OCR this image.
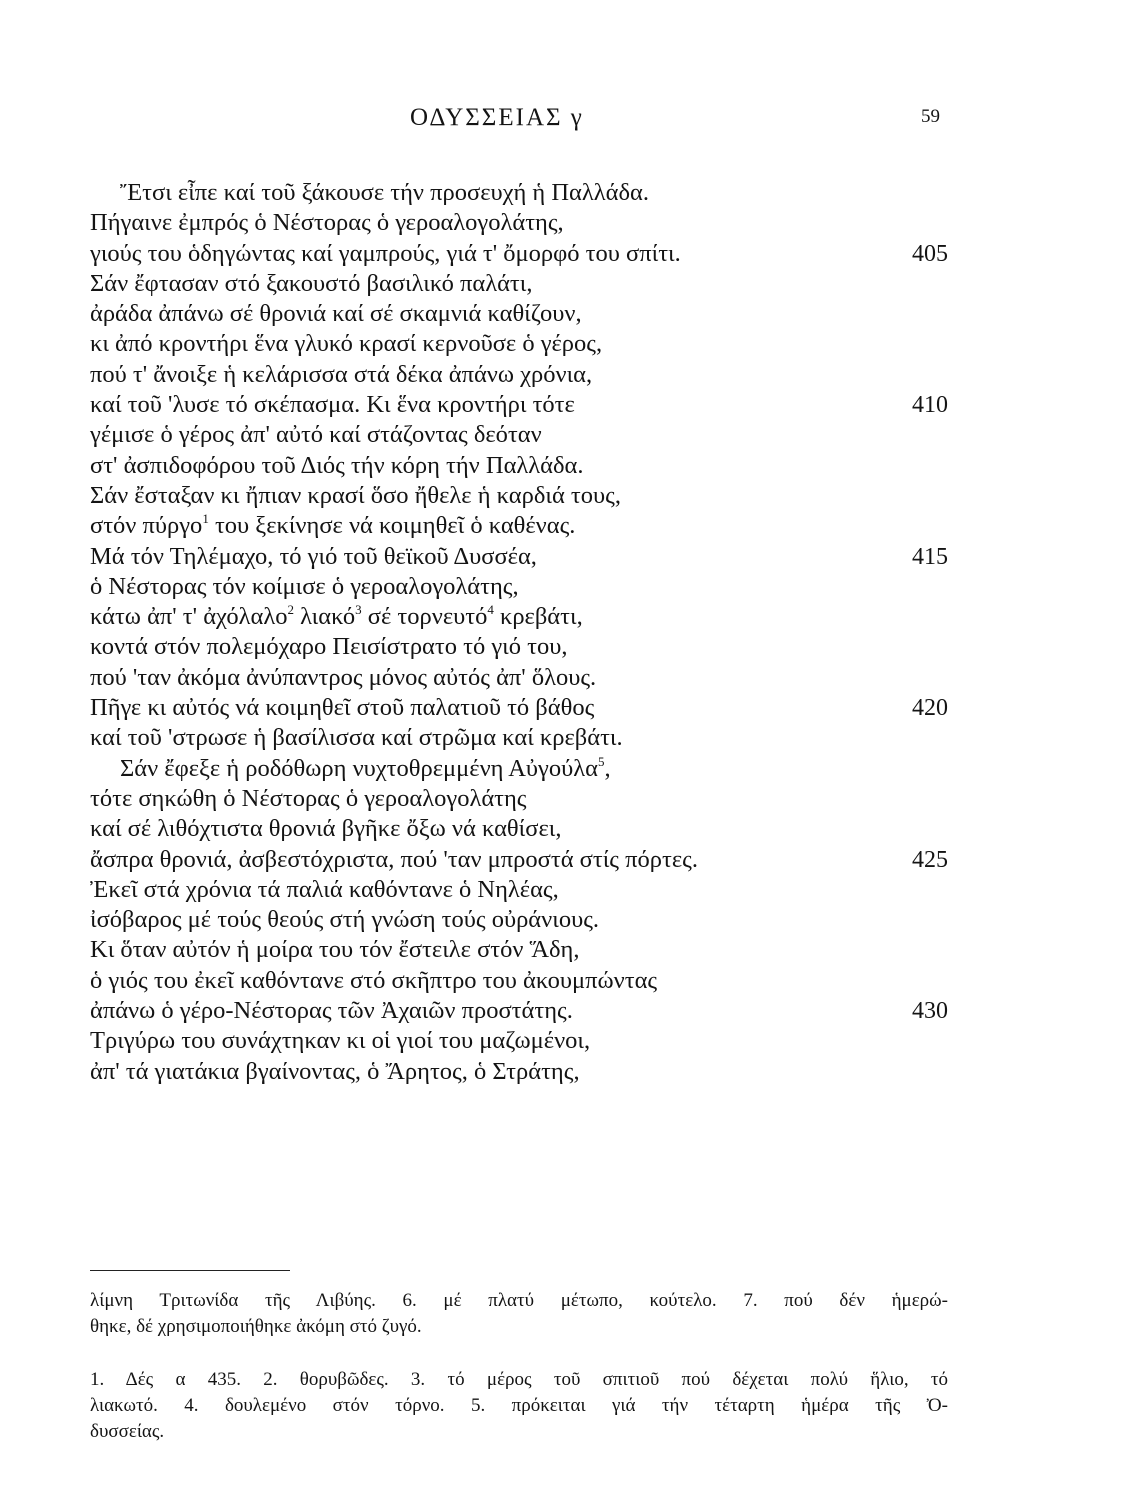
ΟΔΥΣΣΕΙΑΣ γ	59
Ἔτσι εἶπε καί τοῦ ξάκουσε τήν προσευχή ἡ Παλλάδα.
Πήγαινε ἐμπρός ὁ Νέστορας ὁ γεροαλογολάτης,
γιούς του ὁδηγώντας καί γαμπρούς, γιά τ' ὄμορφό του σπίτι.	405
Σάν ἔφτασαν στό ξακουστό βασιλικό παλάτι,
ἀράδα ἀπάνω σέ θρονιά καί σέ σκαμνιά καθίζουν,
κι ἀπό κροντήρι ἕνα γλυκό κρασί κερνοῦσε ὁ γέρος,
πού τ' ἄνοιξε ἡ κελάρισσα στά δέκα ἀπάνω χρόνια,
καί τοῦ 'λυσε τό σκέπασμα. Κι ἕνα κροντήρι τότε	410
γέμισε ὁ γέρος ἀπ' αὐτό καί στάζοντας δεόταν
στ' ἀσπιδοφόρου τοῦ Διός τήν κόρη τήν Παλλάδα.
Σάν ἔσταξαν κι ἤπιαν κρασί ὅσο ἤθελε ἡ καρδιά τους,
στόν πύργο$^1$ του ξεκίνησε νά κοιμηθεῖ ὁ καθένας.
Μά τόν Τηλέμαχο, τό γιό τοῦ θεϊκοῦ Δυσσέα,	415
ὁ Νέστορας τόν κοίμισε ὁ γεροαλογολάτης,
κάτω ἀπ' τ' ἀχόλαλο$^2$ λιακό$^3$ σέ τορνευτό$^4$ κρεβάτι,
κοντά στόν πολεμόχαρο Πεισίστρατο τό γιό του,
πού 'ταν ἀκόμα ἀνύπαντρος μόνος αὐτός ἀπ' ὅλους.
Πῆγε κι αὐτός νά κοιμηθεῖ στοῦ παλατιοῦ τό βάθος	420
καί τοῦ 'στρωσε ἡ βασίλισσα καί στρῶμα καί κρεβάτι.
Σάν ἔφεξε ἡ ροδόθωρη νυχτοθρεμμένη Αὐγούλα$^5$,
τότε σηκώθη ὁ Νέστορας ὁ γεροαλογολάτης
καί σέ λιθόχτιστα θρονιά βγῆκε ὄξω νά καθίσει,
ἄσπρα θρονιά, ἀσβεστόχριστα, πού 'ταν μπροστά στίς πόρτες.	425
Ἐκεῖ στά χρόνια τά παλιά καθόντανε ὁ Νηλέας,
ἰσόβαρος μέ τούς θεούς στή γνώση τούς οὐράνιους.
Κι ὅταν αὐτόν ἡ μοίρα του τόν ἔστειλε στόν Ἅδη,
ὁ γιός του ἐκεῖ καθόντανε στό σκῆπτρο του ἀκουμπώντας
ἀπάνω ὁ γέρο-Νέστορας τῶν Ἀχαιῶν προστάτης.	430
Τριγύρω του συνάχτηκαν κι οἱ γιοί του μαζωμένοι,
ἀπ' τά γιατάκια βγαίνοντας, ὁ Ἄρητος, ὁ Στράτης,
λίμνη Τριτωνίδα τῆς Λιβύης. 6. μέ πλατύ μέτωπο, κούτελο. 7. πού δέν ἡμερώ-
θηκε, δέ χρησιμοποιήθηκε ἀκόμη στό ζυγό.
1. Δές α 435. 2. θορυβῶδες. 3. τό μέρος τοῦ σπιτιοῦ πού δέχεται πολύ ἥλιο, τό
λιακωτό. 4. δουλεμένο στόν τόρνο. 5. πρόκειται γιά τήν τέταρτη ἡμέρα τῆς Ὀ-
δυσσείας.
